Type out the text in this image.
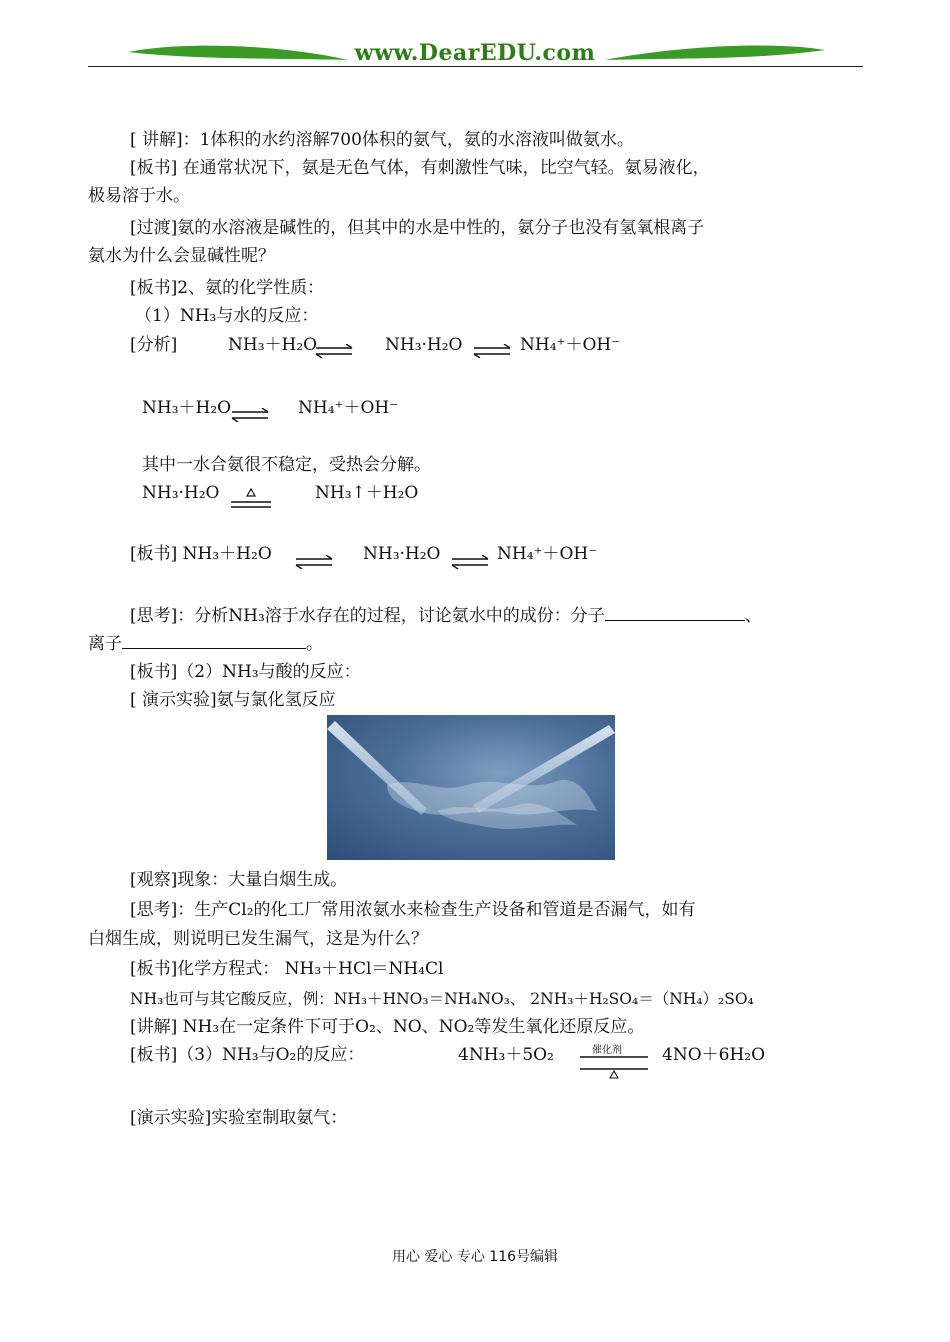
www.DearEDU.com
[ 讲解]：1体积的水约溶解700体积的氨气，氨的水溶液叫做氨水。
[板书] 在通常状况下，氨是无色气体，有刺激性气味，比空气轻。氨易液化，
极易溶于水。
[过渡]氨的水溶液是碱性的，但其中的水是中性的，氨分子也没有氢氧根离子
氨水为什么会显碱性呢？
[板书]2、氨的化学性质：
（1）NH₃与水的反应：
[分析]	NH₃＋H₂O	NH₃·H₂O ⇌ NH₄⁺＋OH⁻
NH₃＋H₂O	NH₄⁺＋OH⁻
其中一水合氨很不稳定，受热会分解。
NH₃·H₂O	NH₃↑＋H₂O
[板书] NH₃＋H₂O ⇌ NH₃·H₂O ⇌ NH₄⁺＋OH⁻
[思考]：分析NH₃溶于水存在的过程，讨论氨水中的成份：分子	、
离子	。
[板书]（2）NH₃与酸的反应：
[ 演示实验]氨与氯化氢反应
[观察]现象：大量白烟生成。
[思考]：生产Cl₂的化工厂常用浓氨水来检查生产设备和管道是否漏气，如有
白烟生成，则说明已发生漏气，这是为什么？
[板书]化学方程式： NH₃＋HCl＝NH₄Cl
NH₃也可与其它酸反应，例：NH₃＋HNO₃＝NH₄NO₃、 2NH₃＋H₂SO₄＝（NH₄）₂SO₄
[讲解] NH₃在一定条件下可于O₂、NO、NO₂等发生氧化还原反应。
[板书]（3）NH₃与O₂的反应：	4NH₃＋5O₂	催化剂 4NO＋6H₂O
[演示实验]实验室制取氨气：
用心 爱心 专心 116号编辑
